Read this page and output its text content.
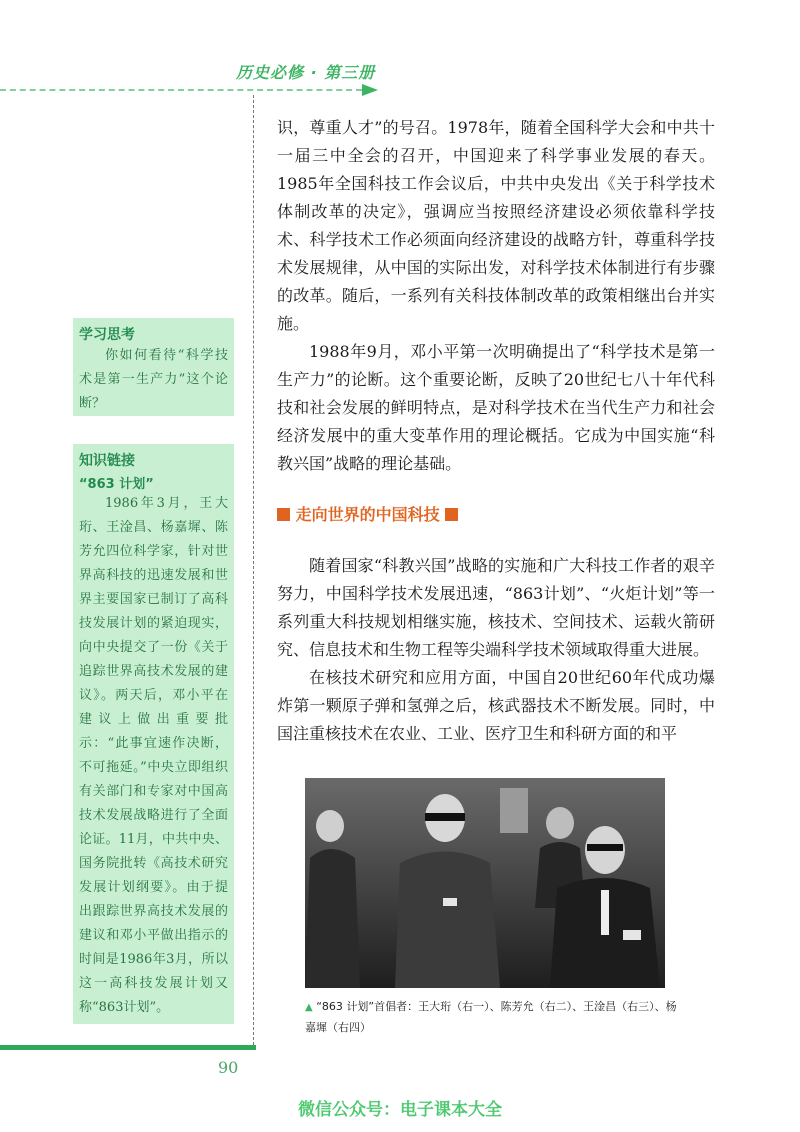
历史必修 · 第三册

识，尊重人才”的号召。1978年，随着全国科学大会和中共十一届三中全会的召开，中国迎来了科学事业发展的春天。1985年全国科技工作会议后，中共中央发出《关于科学技术体制改革的决定》，强调应当按照经济建设必须依靠科学技术、科学技术工作必须面向经济建设的战略方针，尊重科学技术发展规律，从中国的实际出发，对科学技术体制进行有步骤的改革。随后，一系列有关科技体制改革的政策相继出台并实施。

1988年9月，邓小平第一次明确提出了“科学技术是第一生产力”的论断。这个重要论断，反映了20世纪七八十年代科技和社会发展的鲜明特点，是对科学技术在当代生产力和社会经济发展中的重大变革作用的理论概括。它成为中国实施“科教兴国”战略的理论基础。

走向世界的中国科技

随着国家“科教兴国”战略的实施和广大科技工作者的艰辛努力，中国科学技术发展迅速，“863计划”、“火炬计划”等一系列重大科技规划相继实施，核技术、空间技术、运载火箭研究、信息技术和生物工程等尖端科学技术领域取得重大进展。

在核技术研究和应用方面，中国自20世纪60年代成功爆炸第一颗原子弹和氢弹之后，核武器技术不断发展。同时，中国注重核技术在农业、工业、医疗卫生和科研方面的和平

学习思考
你如何看待“科学技术是第一生产力”这个论断？
知识链接
“863 计划”
1986年3月，王大珩、王淦昌、杨嘉墀、陈芳允四位科学家，针对世界高科技的迅速发展和世界主要国家已制订了高科技发展计划的紧迫现实，向中央提交了一份《关于追踪世界高技术发展的建议》。两天后，邓小平在建议上做出重要批示：“此事宜速作决断，不可拖延。”中央立即组织有关部门和专家对中国高技术发展战略进行了全面论证。11月，中共中央、国务院批转《高技术研究发展计划纲要》。由于提出跟踪世界高技术发展的建议和邓小平做出指示的时间是1986年3月，所以这一高科技发展计划又称“863计划”。	▲ “863 计划”首倡者：王大珩（右一）、陈芳允（右二）、王淦昌（右三）、杨嘉墀（右四）
90
微信公众号：电子课本大全
